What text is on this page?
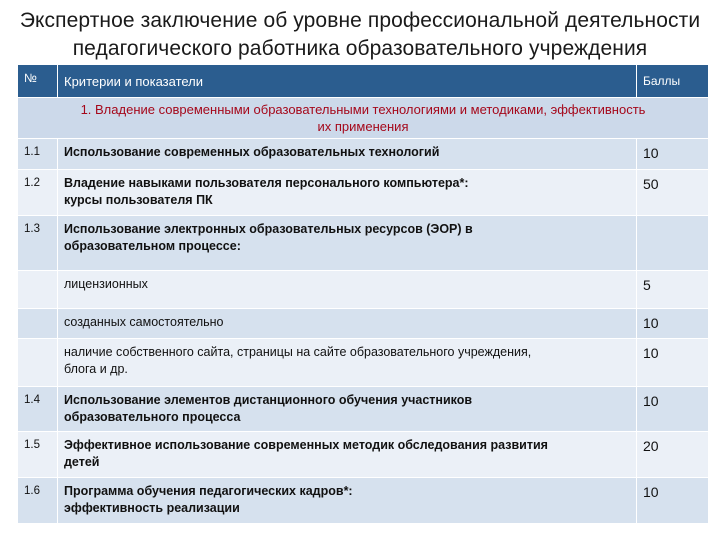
Экспертное заключение об уровне профессиональной деятельности
педагогического работника образовательного учреждения
№	Критерии и показатели	Баллы

1. Владение современными образовательными технологиями и методиками, эффективность
их применения		

1.1	Использование современных образовательных технологий	10
1.2	Владение навыками пользователя персонального компьютера*:
курсы пользователя ПК	50
1.3	Использование электронных образовательных ресурсов (ЭОР) в
образовательном процессе:	

	лицензионных	5

	созданных самостоятельно	10

	наличие собственного сайта, страницы на сайте образовательного учреждения,
блога и др.	10
1.4	Использование элементов дистанционного обучения участников
образовательного процесса	10
1.5	Эффективное использование современных методик обследования развития
детей	20
1.6	Программа обучения педагогических кадров*:
эффективность реализации	10
